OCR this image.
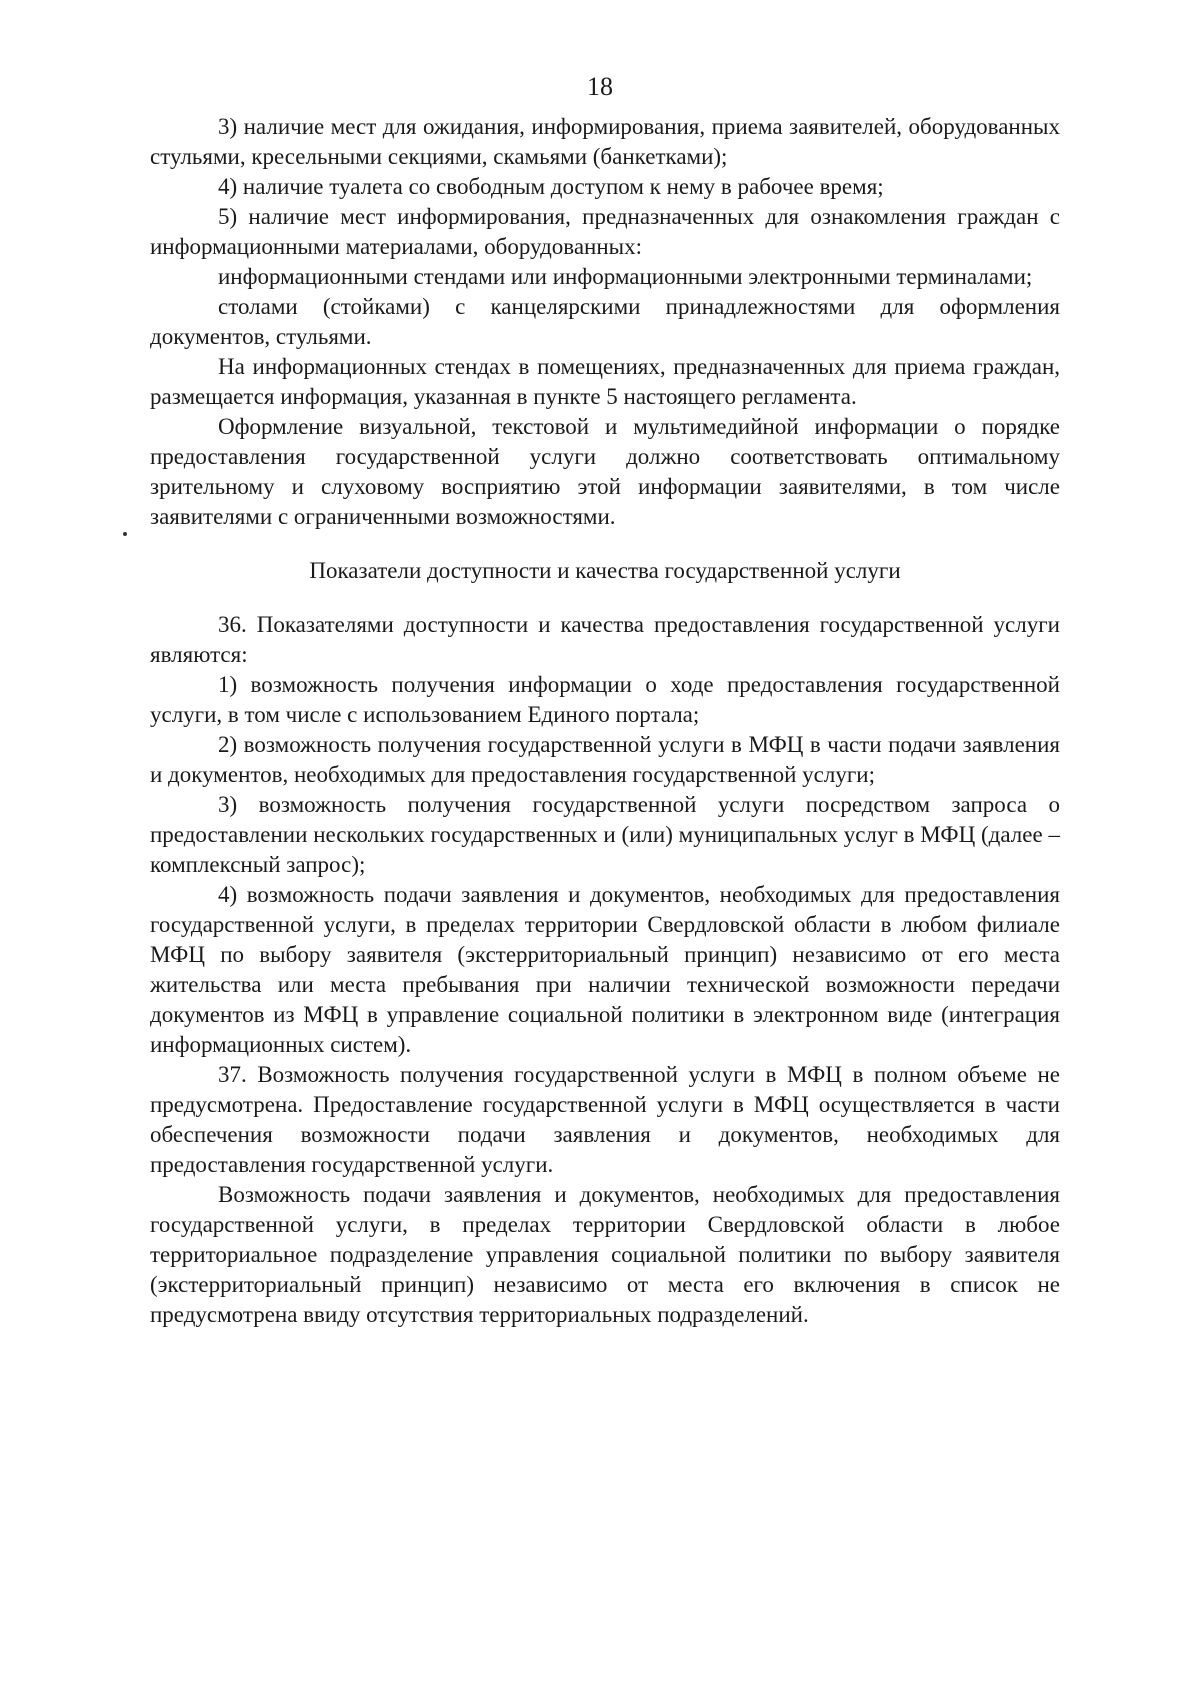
18

3) наличие мест для ожидания, информирования, приема заявителей, оборудованных стульями, кресельными секциями, скамьями (банкетками);

4) наличие туалета со свободным доступом к нему в рабочее время;

5) наличие мест информирования, предназначенных для ознакомления граждан с информационными материалами, оборудованных:

информационными стендами или информационными электронными терминалами;

столами (стойками) с канцелярскими принадлежностями для оформления документов, стульями.

На информационных стендах в помещениях, предназначенных для приема граждан, размещается информация, указанная в пункте 5 настоящего регламента.

Оформление визуальной, текстовой и мультимедийной информации о порядке предоставления государственной услуги должно соответствовать оптимальному зрительному и слуховому восприятию этой информации заявителями, в том числе заявителями с ограниченными возможностями.

Показатели доступности и качества государственной услуги

36. Показателями доступности и качества предоставления государственной услуги являются:

1) возможность получения информации о ходе предоставления государственной услуги, в том числе с использованием Единого портала;

2) возможность получения государственной услуги в МФЦ в части подачи заявления и документов, необходимых для предоставления государственной услуги;

3) возможность получения государственной услуги посредством запроса о предоставлении нескольких государственных и (или) муниципальных услуг в МФЦ (далее – комплексный запрос);

4) возможность подачи заявления и документов, необходимых для предоставления государственной услуги, в пределах территории Свердловской области в любом филиале МФЦ по выбору заявителя (экстерриториальный принцип) независимо от его места жительства или места пребывания при наличии технической возможности передачи документов из МФЦ в управление социальной политики в электронном виде (интеграция информационных систем).

37. Возможность получения государственной услуги в МФЦ в полном объеме не предусмотрена. Предоставление государственной услуги в МФЦ осуществляется в части обеспечения возможности подачи заявления и документов, необходимых для предоставления государственной услуги.

Возможность подачи заявления и документов, необходимых для предоставления государственной услуги, в пределах территории Свердловской области в любое территориальное подразделение управления социальной политики по выбору заявителя (экстерриториальный принцип) независимо от места его включения в список не предусмотрена ввиду отсутствия территориальных подразделений.
